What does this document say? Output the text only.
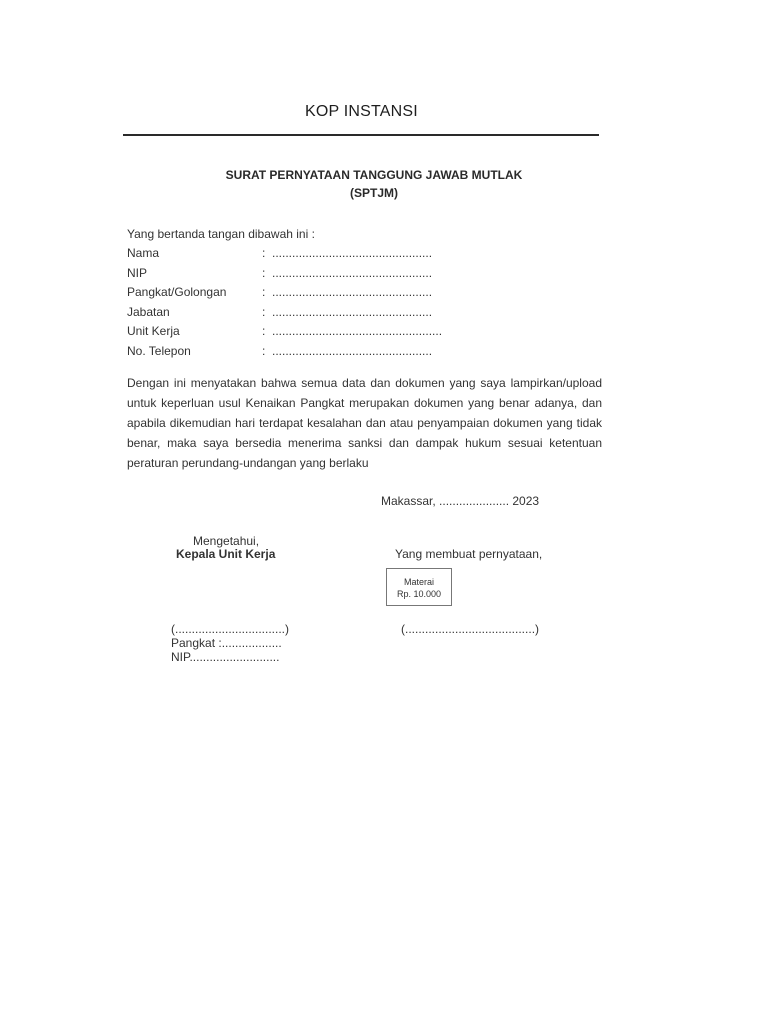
KOP INSTANSI
SURAT PERNYATAAN TANGGUNG JAWAB MUTLAK
(SPTJM)
Yang bertanda tangan dibawah ini :
Nama	: ................................................
NIP	: ................................................
Pangkat/Golongan	: ................................................
Jabatan	: ................................................
Unit Kerja	: ...................................................
No. Telepon	: ................................................
Dengan ini menyatakan bahwa semua data dan dokumen yang saya lampirkan/upload untuk keperluan usul Kenaikan Pangkat merupakan dokumen yang benar adanya, dan apabila dikemudian hari terdapat kesalahan dan atau penyampaian dokumen yang tidak benar, maka saya bersedia menerima sanksi dan dampak hukum sesuai ketentuan peraturan perundang-undangan yang berlaku
Makassar, ..................... 2023
Mengetahui,
Kepala Unit Kerja
(.................................)
Pangkat :..................
NIP...........................
Yang membuat pernyataan,
Materai
Rp. 10.000
(.......................................)
